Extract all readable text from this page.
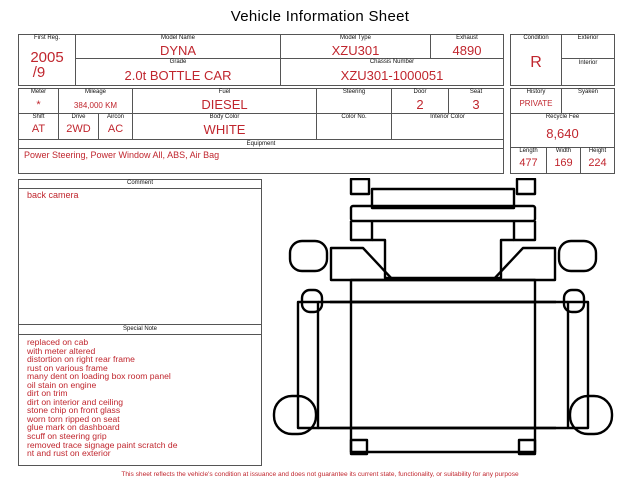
Vehicle Information Sheet
First Reg.
2005
/9
Model Name
DYNA
Model Type
XZU301
Exhaust
4890
Grade
2.0t BOTTLE CAR
Chassis Number
XZU301-1000051
Condition
R
Exterior
Interior
Meter
*
Mileage
384,000 KM
Fuel
DIESEL
Steering	Door
2
Seat
3
Shift
AT
Drive
2WD
Aircon
AC
Body Color
WHITE
Color No.	Interior Color
Equipment
Power Steering, Power Window All, ABS, Air Bag
History
PRIVATE
Syaken
Recycle Fee
8,640
Length
477
Width
169
Height
224
Comment
back camera
Special Note
replaced on cab
with meter altered
distortion on right rear frame
rust on various frame
many dent on loading box room panel
oil stain on engine
dirt on trim
dirt on interior and ceiling
stone chip on front glass
worn torn ripped on seat
glue mark on dashboard
scuff on steering grip
removed trace signage paint scratch de
nt and rust on exterior
This sheet reflects the vehicle's condition at issuance and does not guarantee its current state, functionality, or suitability for any purpose
